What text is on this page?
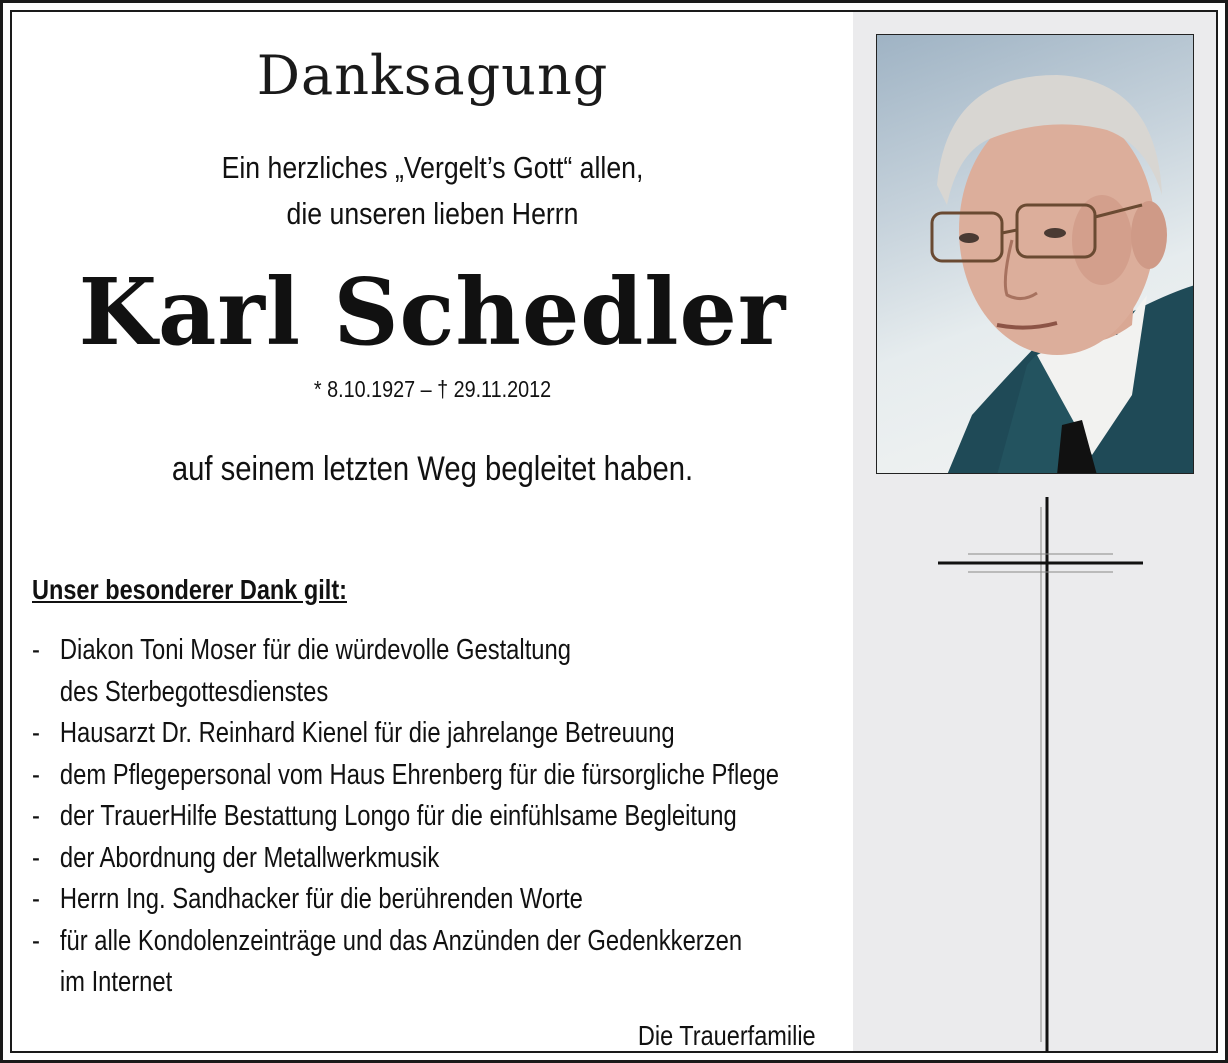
Danksagung
Ein herzliches „Vergelt’s Gott“ allen,
die unseren lieben Herrn
Karl Schedler
* 8.10.1927 – † 29.11.2012
auf seinem letzten Weg begleitet haben.
Unser besonderer Dank gilt:
- Diakon Toni Moser für die würdevolle Gestaltung
des Sterbegottesdienstes
- Hausarzt Dr. Reinhard Kienel für die jahrelange Betreuung
- dem Pflegepersonal vom Haus Ehrenberg für die fürsorgliche Pflege
- der TrauerHilfe Bestattung Longo für die einfühlsame Begleitung
- der Abordnung der Metallwerkmusik
- Herrn Ing. Sandhacker für die berührenden Worte
- für alle Kondolenzeinträge und das Anzünden der Gedenkkerzen
im Internet
Die Trauerfamilie
